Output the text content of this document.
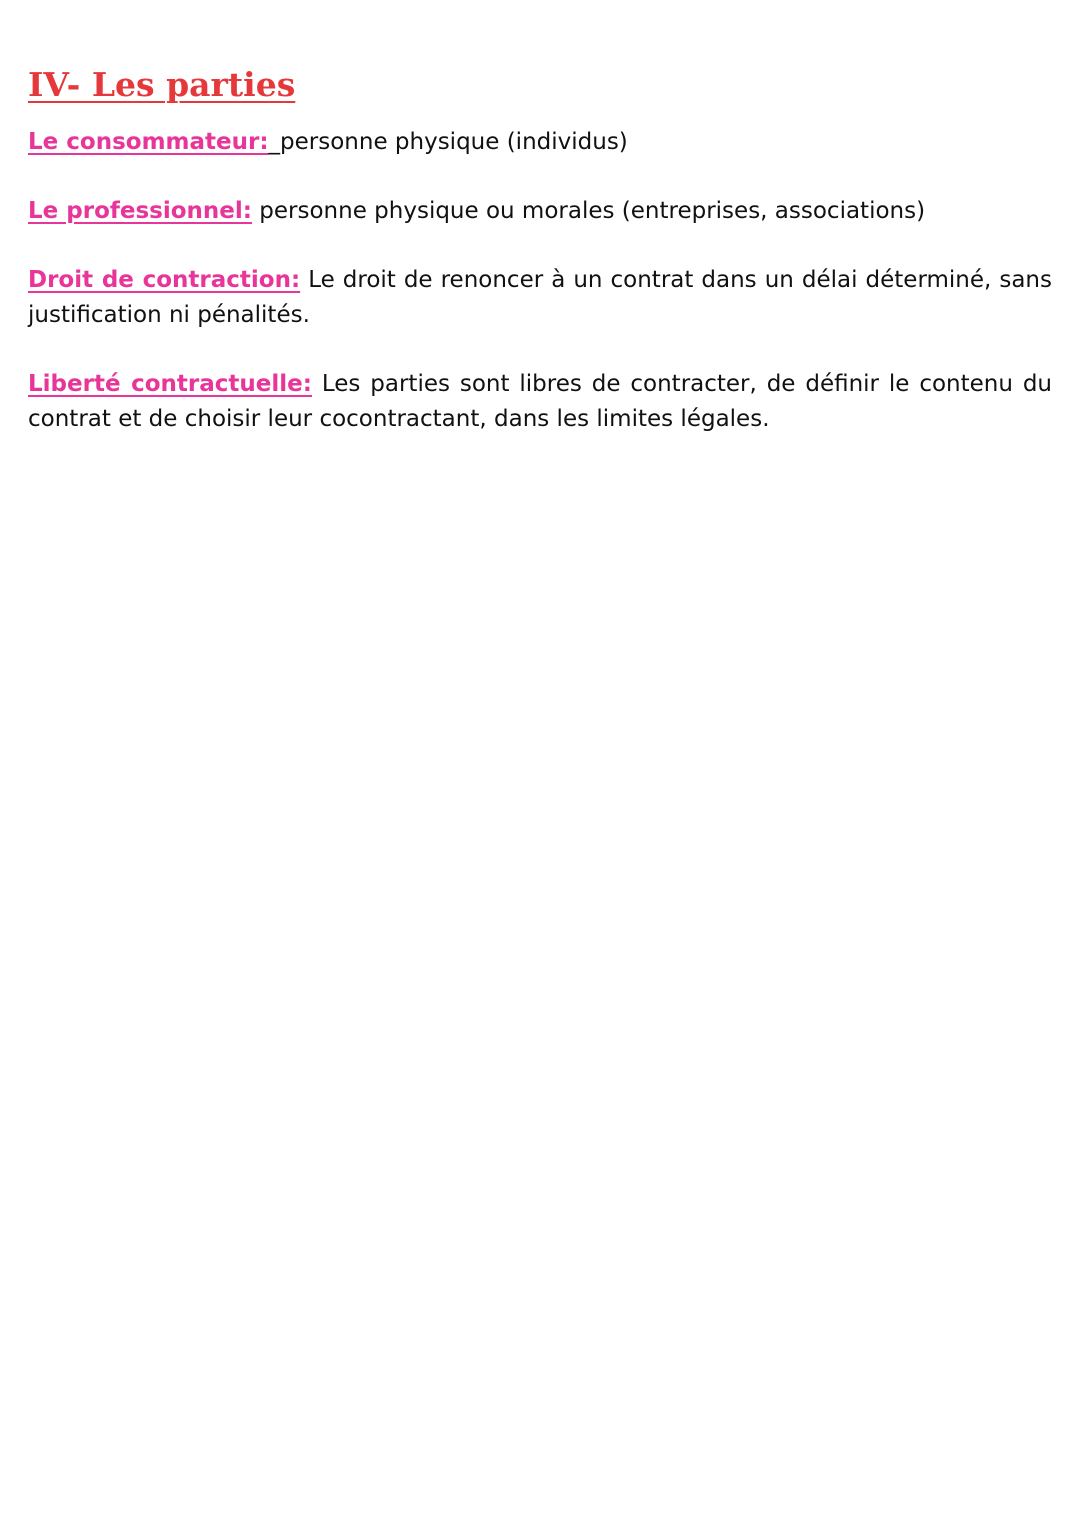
IV- Les parties

Le consommateur:_personne physique (individus)

Le professionnel: personne physique ou morales (entreprises, associations)

Droit de contraction: Le droit de renoncer à un contrat dans un délai déterminé, sans justification ni pénalités.

Liberté contractuelle: Les parties sont libres de contracter, de définir le contenu du contrat et de choisir leur cocontractant, dans les limites légales.
